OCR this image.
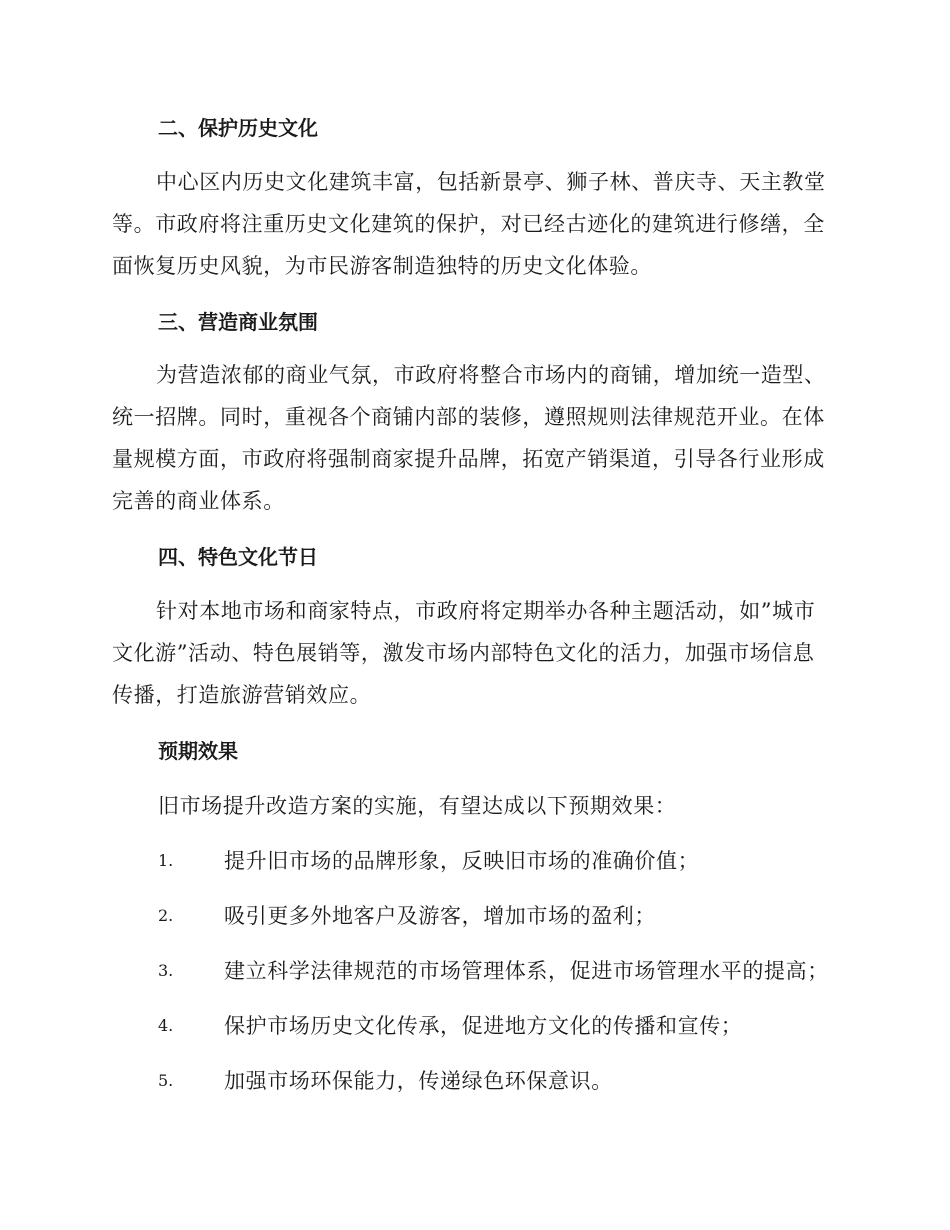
二、保护历史文化

中心区内历史文化建筑丰富，包括新景亭、狮子林、普庆寺、天主教堂等。市政府将注重历史文化建筑的保护，对已经古迹化的建筑进行修缮，全面恢复历史风貌，为市民游客制造独特的历史文化体验。

三、营造商业氛围

为营造浓郁的商业气氛，市政府将整合市场内的商铺，增加统一造型、统一招牌。同时，重视各个商铺内部的装修，遵照规则法律规范开业。在体量规模方面，市政府将强制商家提升品牌，拓宽产销渠道，引导各行业形成完善的商业体系。

四、特色文化节日

针对本地市场和商家特点，市政府将定期举办各种主题活动，如”城市文化游”活动、特色展销等，激发市场内部特色文化的活力，加强市场信息传播，打造旅游营销效应。

预期效果

旧市场提升改造方案的实施，有望达成以下预期效果：

1. 提升旧市场的品牌形象，反映旧市场的准确价值；
2. 吸引更多外地客户及游客，增加市场的盈利；
3. 建立科学法律规范的市场管理体系，促进市场管理水平的提高；
4. 保护市场历史文化传承，促进地方文化的传播和宣传；
5. 加强市场环保能力，传递绿色环保意识。
